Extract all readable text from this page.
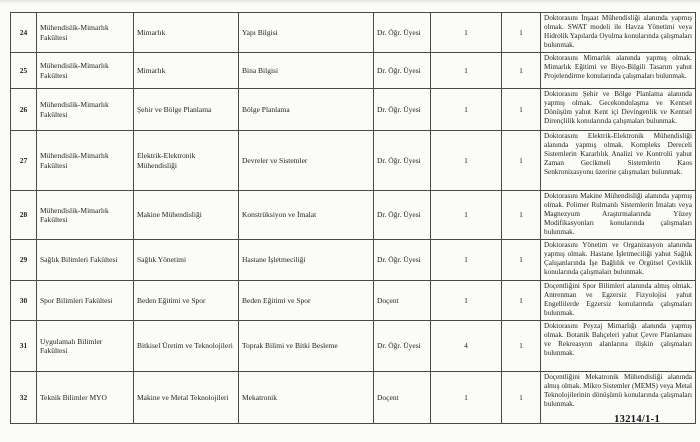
24	Mühendislik-Mimarlık Fakültesi	Mimarlık	Yapı Bilgisi	Dr. Öğr. Üyesi	1	1	Doktorasını İnşaat Mühendisliği alanında yapmış olmak. SWAT modeli ile Havza Yönetimi veya Hidrolik Yapılarda Oyulma konularında çalışmaları bulunmak.
25	Mühendislik-Mimarlık Fakültesi	Mimarlık	Bina Bilgisi	Dr. Öğr. Üyesi	1	1	Doktorasını Mimarlık alanında yapmış olmak. Mimarlık Eğitimi ve Biyo-Bilgili Tasarım yahut Projelendirme konularında çalışmaları bulunmak.
26	Mühendislik-Mimarlık Fakültesi	Şehir ve Bölge Planlama	Bölge Planlama	Dr. Öğr. Üyesi	1	1	Doktorasını Şehir ve Bölge Planlama alanında yapmış olmak. Gecekondulaşma ve Kentsel Dönüşüm yahut Kent içi Devingenlik ve Kentsel Dirençlilik konularında çalışmaları bulunmak.
27	Mühendislik-Mimarlık Fakültesi	Elektrik-Elektronik Mühendisliği	Devreler ve Sistemler	Dr. Öğr. Üyesi	1	1	Doktorasını Elektrik-Elektronik Mühendisliği alanında yapmış olmak. Kompleks Dereceli Sistemlerin Kararlılık Analizi ve Kontrolü yahut Zaman Gecikmeli Sistemlerin Kaos Senkronizasyonu üzerine çalışmaları bulunmak.
28	Mühendislik-Mimarlık Fakültesi	Makine Mühendisliği	Konstrüksiyon ve İmalat	Dr. Öğr. Üyesi	1	1	Doktorasını Makine Mühendisliği alanında yapmış olmak. Polimer Rulmanlı Sistemlerin İmalatı veya Magnezyum Araştırmalarında Yüzey Modifikasyonları konularında çalışmaları bulunmak.
29	Sağlık Bilimleri Fakültesi	Sağlık Yönetimi	Hastane İşletmeciliği	Dr. Öğr. Üyesi	1	1	Doktorasını Yönetim ve Organizasyon alanında yapmış olmak. Hastane İşletmeciliği yahut Sağlık Çalışanlarında İşe Bağlılık ve Örgütsel Çeviklik konularında çalışmaları bulunmak.
30	Spor Bilimleri Fakültesi	Beden Eğitimi ve Spor	Beden Eğitimi ve Spor	Doçent	1	1	Doçentliğini Spor Bilimleri alanında almış olmak. Antrenman ve Egzersiz Fizyolojisi yahut Engellilerde Egzersiz konularında çalışmaları bulunmak.
31	Uygulamalı Bilimler Fakültesi	Bitkisel Üretim ve Teknolojileri	Toprak Bilimi ve Bitki Besleme	Dr. Öğr. Üyesi	4	1	Doktorasını Peyzaj Mimarlığı alanında yapmış olmak. Botanik Bahçeleri yahut Çevre Planlaması ve Rekreasyon alanlarına ilişkin çalışmaları bulunmak.
32	Teknik Bilimler MYO	Makine ve Metal Teknolojileri	Mekatronik	Doçent	1	1	Doçentliğini Mekatronik Mühendisliği alanında almış olmak. Mikro Sistemler (MEMS) veya Metal Teknolojilerinin dönüşümü konularında çalışmaları bulunmak.
13214/1-1
